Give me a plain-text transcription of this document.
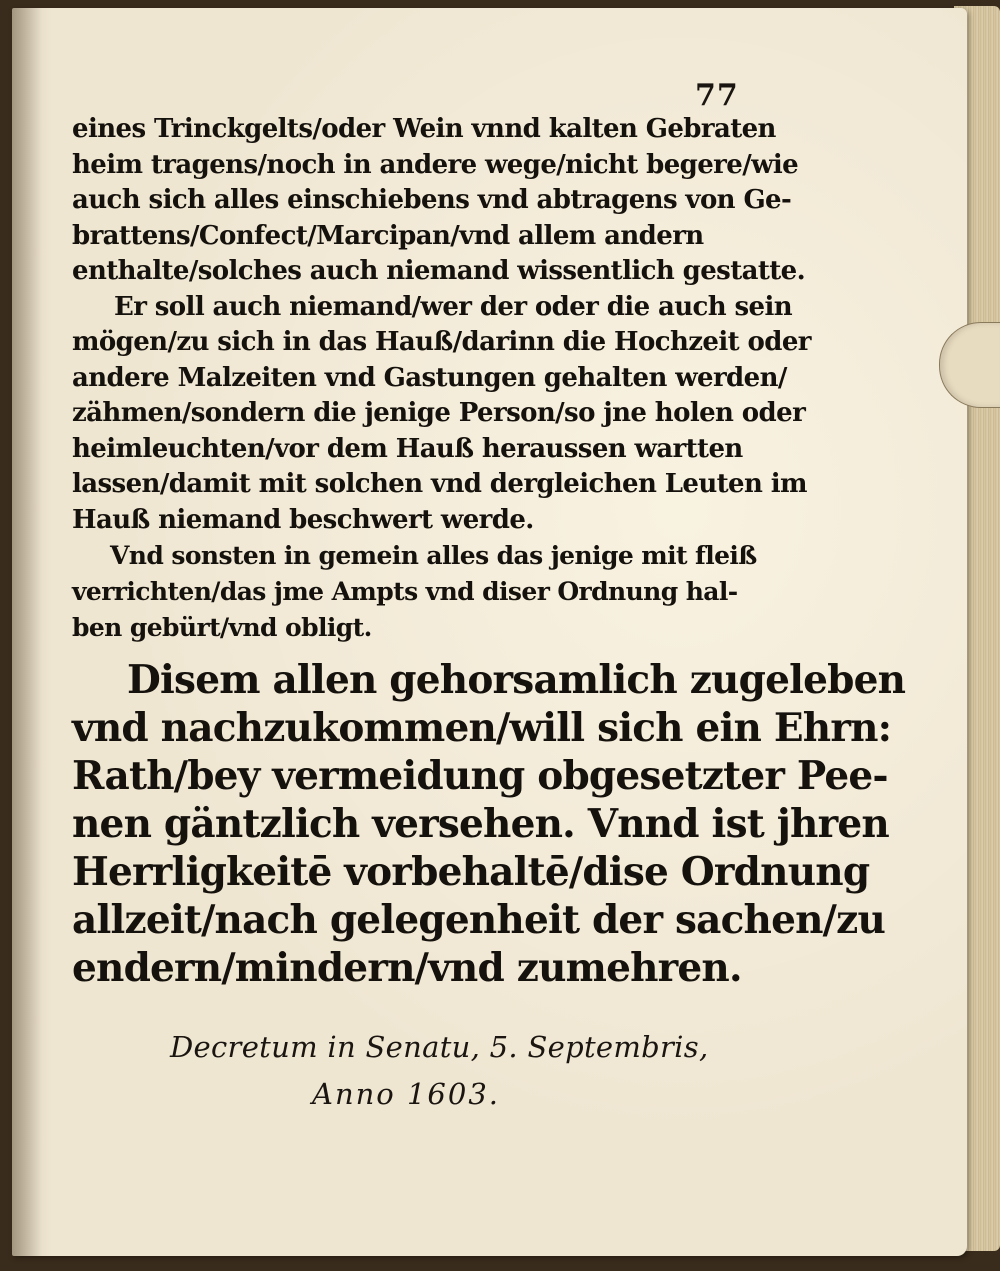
77
eines Trinckgelts/oder Wein vnnd kalten Gebraten
heim tragens/noch in andere wege/nicht begere/wie
auch sich alles einschiebens vnd abtragens von Ge-
brattens/Confect/Marcipan/vnd allem andern
enthalte/solches auch niemand wissentlich gestatte.
Er soll auch niemand/wer der oder die auch sein
mögen/zu sich in das Hauß/darinn die Hochzeit oder
andere Malzeiten vnd Gastungen gehalten werden/
zähmen/sondern die jenige Person/so jne holen oder
heimleuchten/vor dem Hauß heraussen wartten
lassen/damit mit solchen vnd dergleichen Leuten im
Hauß niemand beschwert werde.
Vnd sonsten in gemein alles das jenige mit fleiß
verrichten/das jme Ampts vnd diser Ordnung hal-
ben gebürt/vnd obligt.
Disem allen gehorsamlich zugeleben
vnd nachzukommen/will sich ein Ehrn:
Rath/bey vermeidung obgesetzter Pee-
nen gäntzlich versehen. Vnnd ist jhren
Herrligkeitē vorbehaltē/dise Ordnung
allzeit/nach gelegenheit der sachen/zu
endern/mindern/vnd zumehren.
Decretum in Senatu, 5. Septembris,
Anno 1603.
